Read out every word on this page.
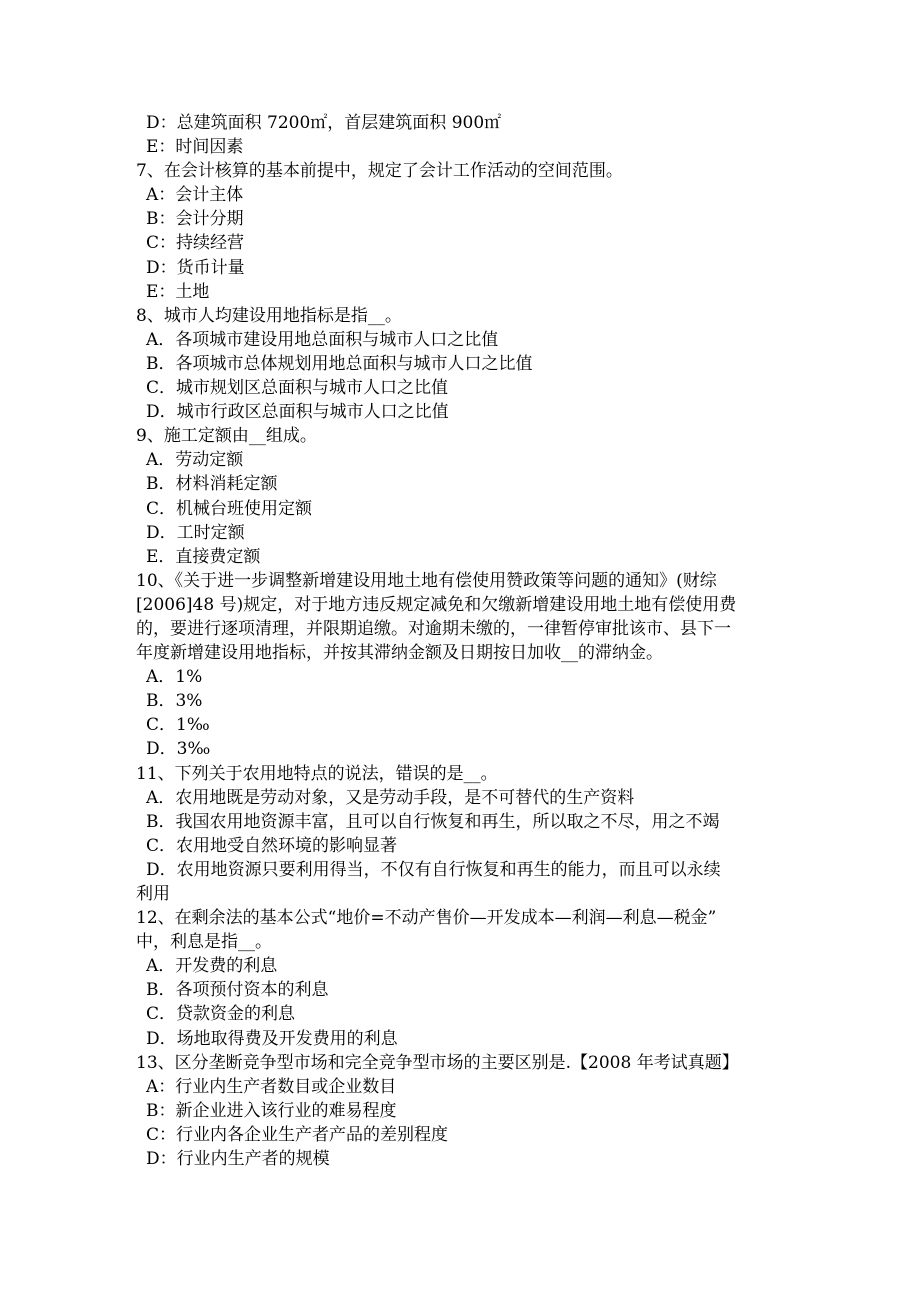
D：总建筑面积 7200㎡，首层建筑面积 900㎡
E：时间因素
7、在会计核算的基本前提中，规定了会计工作活动的空间范围。
A：会计主体
B：会计分期
C：持续经营
D：货币计量
E：土地
8、城市人均建设用地指标是指__。
A．各项城市建设用地总面积与城市人口之比值
B．各项城市总体规划用地总面积与城市人口之比值
C．城市规划区总面积与城市人口之比值
D．城市行政区总面积与城市人口之比值
9、施工定额由__组成。
A．劳动定额
B．材料消耗定额
C．机械台班使用定额
D．工时定额
E．直接费定额
10、《关于进一步调整新增建设用地土地有偿使用赞政策等问题的通知》(财综
[2006]48 号)规定，对于地方违反规定减免和欠缴新增建设用地土地有偿使用费
的，要进行逐项清理，并限期追缴。对逾期未缴的，一律暂停审批该市、县下一
年度新增建设用地指标，并按其滞纳金额及日期按日加收__的滞纳金。
A．1%
B．3%
C．1‰
D．3‰
11、下列关于农用地特点的说法，错误的是__。
A．农用地既是劳动对象，又是劳动手段，是不可替代的生产资料
B．我国农用地资源丰富，且可以自行恢复和再生，所以取之不尽，用之不竭
C．农用地受自然环境的影响显著
D．农用地资源只要利用得当，不仅有自行恢复和再生的能力，而且可以永续
利用
12、在剩余法的基本公式“地价=不动产售价—开发成本—利润—利息—税金”
中，利息是指__。
A．开发费的利息
B．各项预付资本的利息
C．贷款资金的利息
D．场地取得费及开发费用的利息
13、区分垄断竞争型市场和完全竞争型市场的主要区别是.【2008 年考试真题】
A：行业内生产者数目或企业数目
B：新企业进入该行业的难易程度
C：行业内各企业生产者产品的差别程度
D：行业内生产者的规模
